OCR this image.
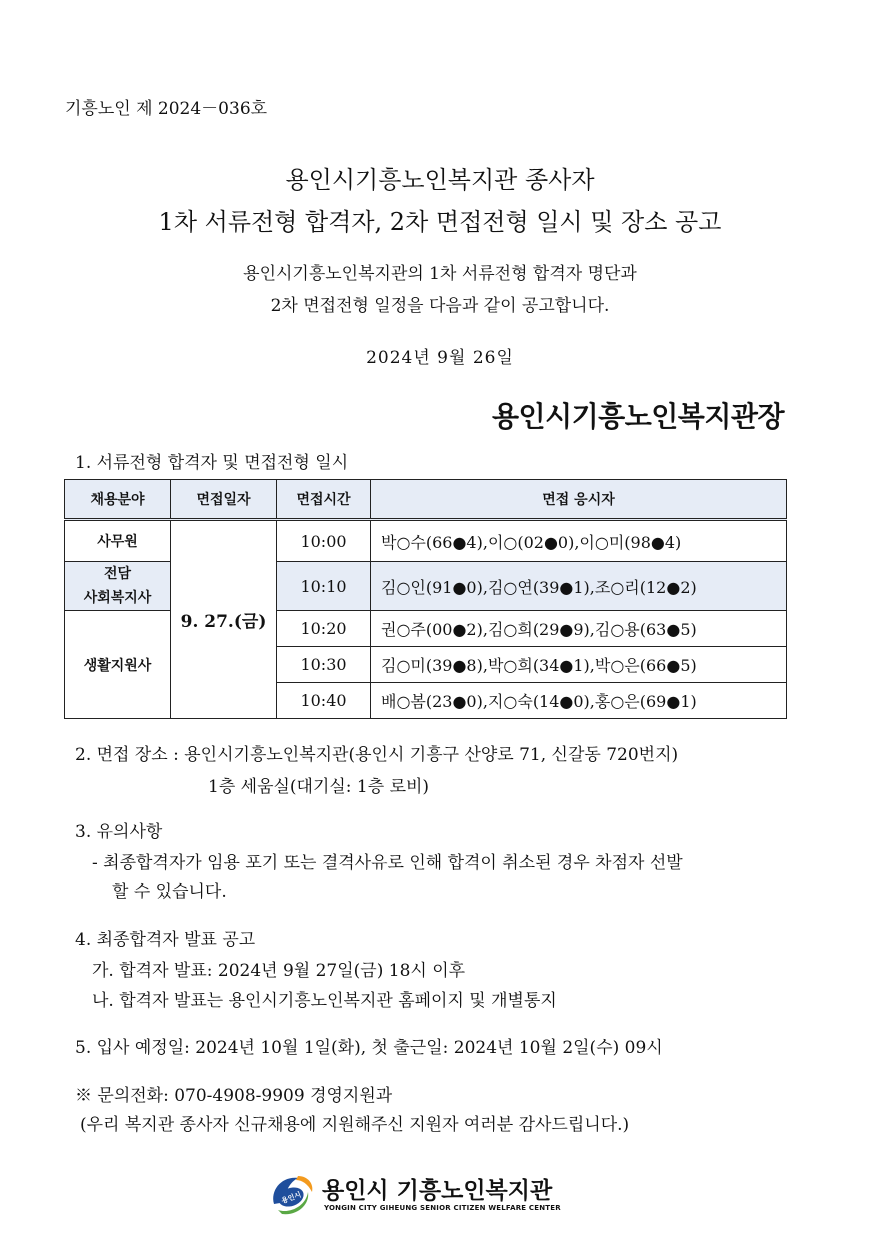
기흥노인 제 2024－036호
용인시기흥노인복지관 종사자
1차 서류전형 합격자, 2차 면접전형 일시 및 장소 공고
용인시기흥노인복지관의 1차 서류전형 합격자 명단과
2차 면접전형 일정을 다음과 같이 공고합니다.
2024년 9월 26일
용인시기흥노인복지관장
1. 서류전형 합격자 및 면접전형 일시
채용분야	면접일자	면접시간	면접 응시자
사무원	9. 27.(금)	10:00	박○수(66●4),이○(02●0),이○미(98●4)
전담
사회복지사		10:10	김○인(91●0),김○연(39●1),조○리(12●2)
생활지원사		10:20	권○주(00●2),김○희(29●9),김○용(63●5)
		10:30	김○미(39●8),박○희(34●1),박○은(66●5)
		10:40	배○봄(23●0),지○숙(14●0),홍○은(69●1)
2. 면접 장소 : 용인시기흥노인복지관(용인시 기흥구 산양로 71, 신갈동 720번지)
1층 세움실(대기실: 1층 로비)
3. 유의사항
- 최종합격자가 임용 포기 또는 결격사유로 인해 합격이 취소된 경우 차점자 선발
할 수 있습니다.
4. 최종합격자 발표 공고
가. 합격자 발표: 2024년 9월 27일(금) 18시 이후
나. 합격자 발표는 용인시기흥노인복지관 홈페이지 및 개별통지
5. 입사 예정일: 2024년 10월 1일(화), 첫 출근일: 2024년 10월 2일(수) 09시
※ 문의전화: 070-4908-9909 경영지원과
(우리 복지관 종사자 신규채용에 지원해주신 지원자 여러분 감사드립니다.)
용인시 용인시 기흥노인복지관
YONGIN CITY GIHEUNG SENIOR CITIZEN WELFARE CENTER
